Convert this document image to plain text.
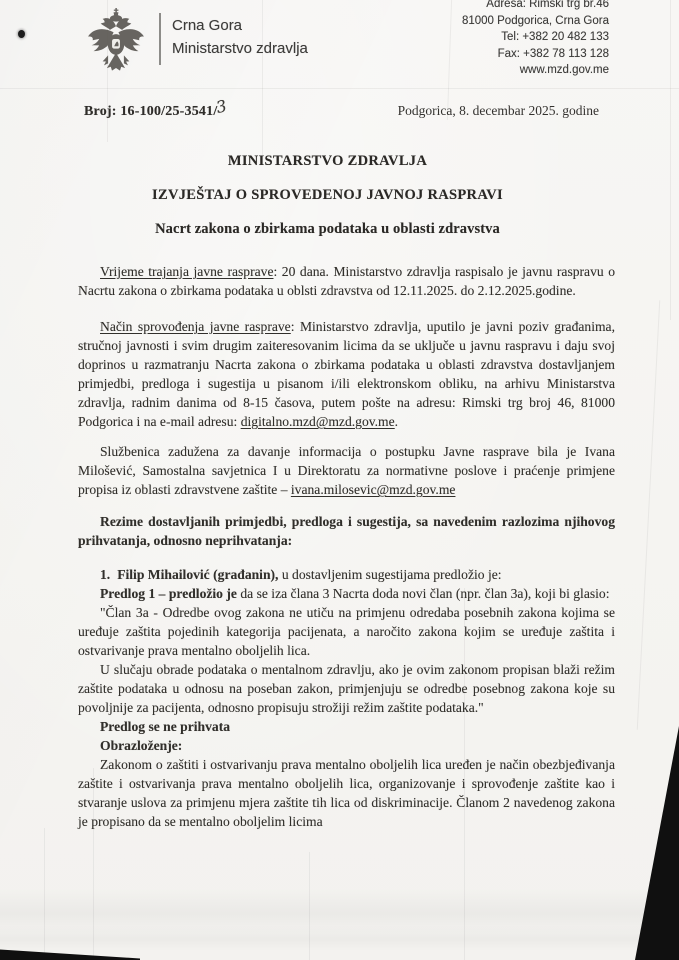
Crna Gora
Ministarstvo zdravlja
Adresa: Rimski trg br.46
81000 Podgorica, Crna Gora
Tel: +382 20 482 133
Fax: +382 78 113 128
www.mzd.gov.me
Broj: 16-100/25-3541/3	Podgorica, 8. decembar 2025. godine
MINISTARSTVO ZDRAVLJA
IZVJEŠTAJ O SPROVEDENOJ JAVNOJ RASPRAVI
Nacrt zakona o zbirkama podataka u oblasti zdravstva

Vrijeme trajanja javne rasprave: 20 dana. Ministarstvo zdravlja raspisalo je javnu raspravu o Nacrtu zakona o zbirkama podataka u oblsti zdravstva od 12.11.2025. do 2.12.2025.godine.

Način sprovođenja javne rasprave: Ministarstvo zdravlja, uputilo je javni poziv građanima, stručnoj javnosti i svim drugim zaiteresovanim licima da se uključe u javnu raspravu i daju svoj doprinos u razmatranju Nacrta zakona o zbirkama podataka u oblasti zdravstva dostavljanjem primjedbi, predloga i sugestija u pisanom i/ili elektronskom obliku, na arhivu Ministarstva zdravlja, radnim danima od 8-15 časova, putem pošte na adresu: Rimski trg broj 46, 81000 Podgorica i na e-mail adresu: digitalno.mzd@mzd.gov.me.

Službenica zadužena za davanje informacija o postupku Javne rasprave bila je Ivana Milošević, Samostalna savjetnica I u Direktoratu za normativne poslove i praćenje primjene propisa iz oblasti zdravstvene zaštite – ivana.milosevic@mzd.gov.me

Rezime dostavljanih primjedbi, predloga i sugestija, sa navedenim razlozima njihovog prihvatanja, odnosno neprihvatanja:

1. Filip Mihailović (građanin), u dostavljenim sugestijama predložio je:

Predlog 1 – predložio je da se iza člana 3 Nacrta doda novi član (npr. član 3a), koji bi glasio:

"Član 3a - Odredbe ovog zakona ne utiču na primjenu odredaba posebnih zakona kojima se uređuje zaštita pojedinih kategorija pacijenata, a naročito zakona kojim se uređuje zaštita i ostvarivanje prava mentalno oboljelih lica.

U slučaju obrade podataka o mentalnom zdravlju, ako je ovim zakonom propisan blaži režim zaštite podataka u odnosu na poseban zakon, primjenjuju se odredbe posebnog zakona koje su povoljnije za pacijenta, odnosno propisuju strožiji režim zaštite podataka."

Predlog se ne prihvata

Obrazloženje:

Zakonom o zaštiti i ostvarivanju prava mentalno oboljelih lica uređen je način obezbjeđivanja zaštite i ostvarivanja prava mentalno oboljelih lica, organizovanje i sprovođenje zaštite kao i stvaranje uslova za primjenu mjera zaštite tih lica od diskriminacije. Članom 2 navedenog zakona je propisano da se mentalno oboljelim licima
